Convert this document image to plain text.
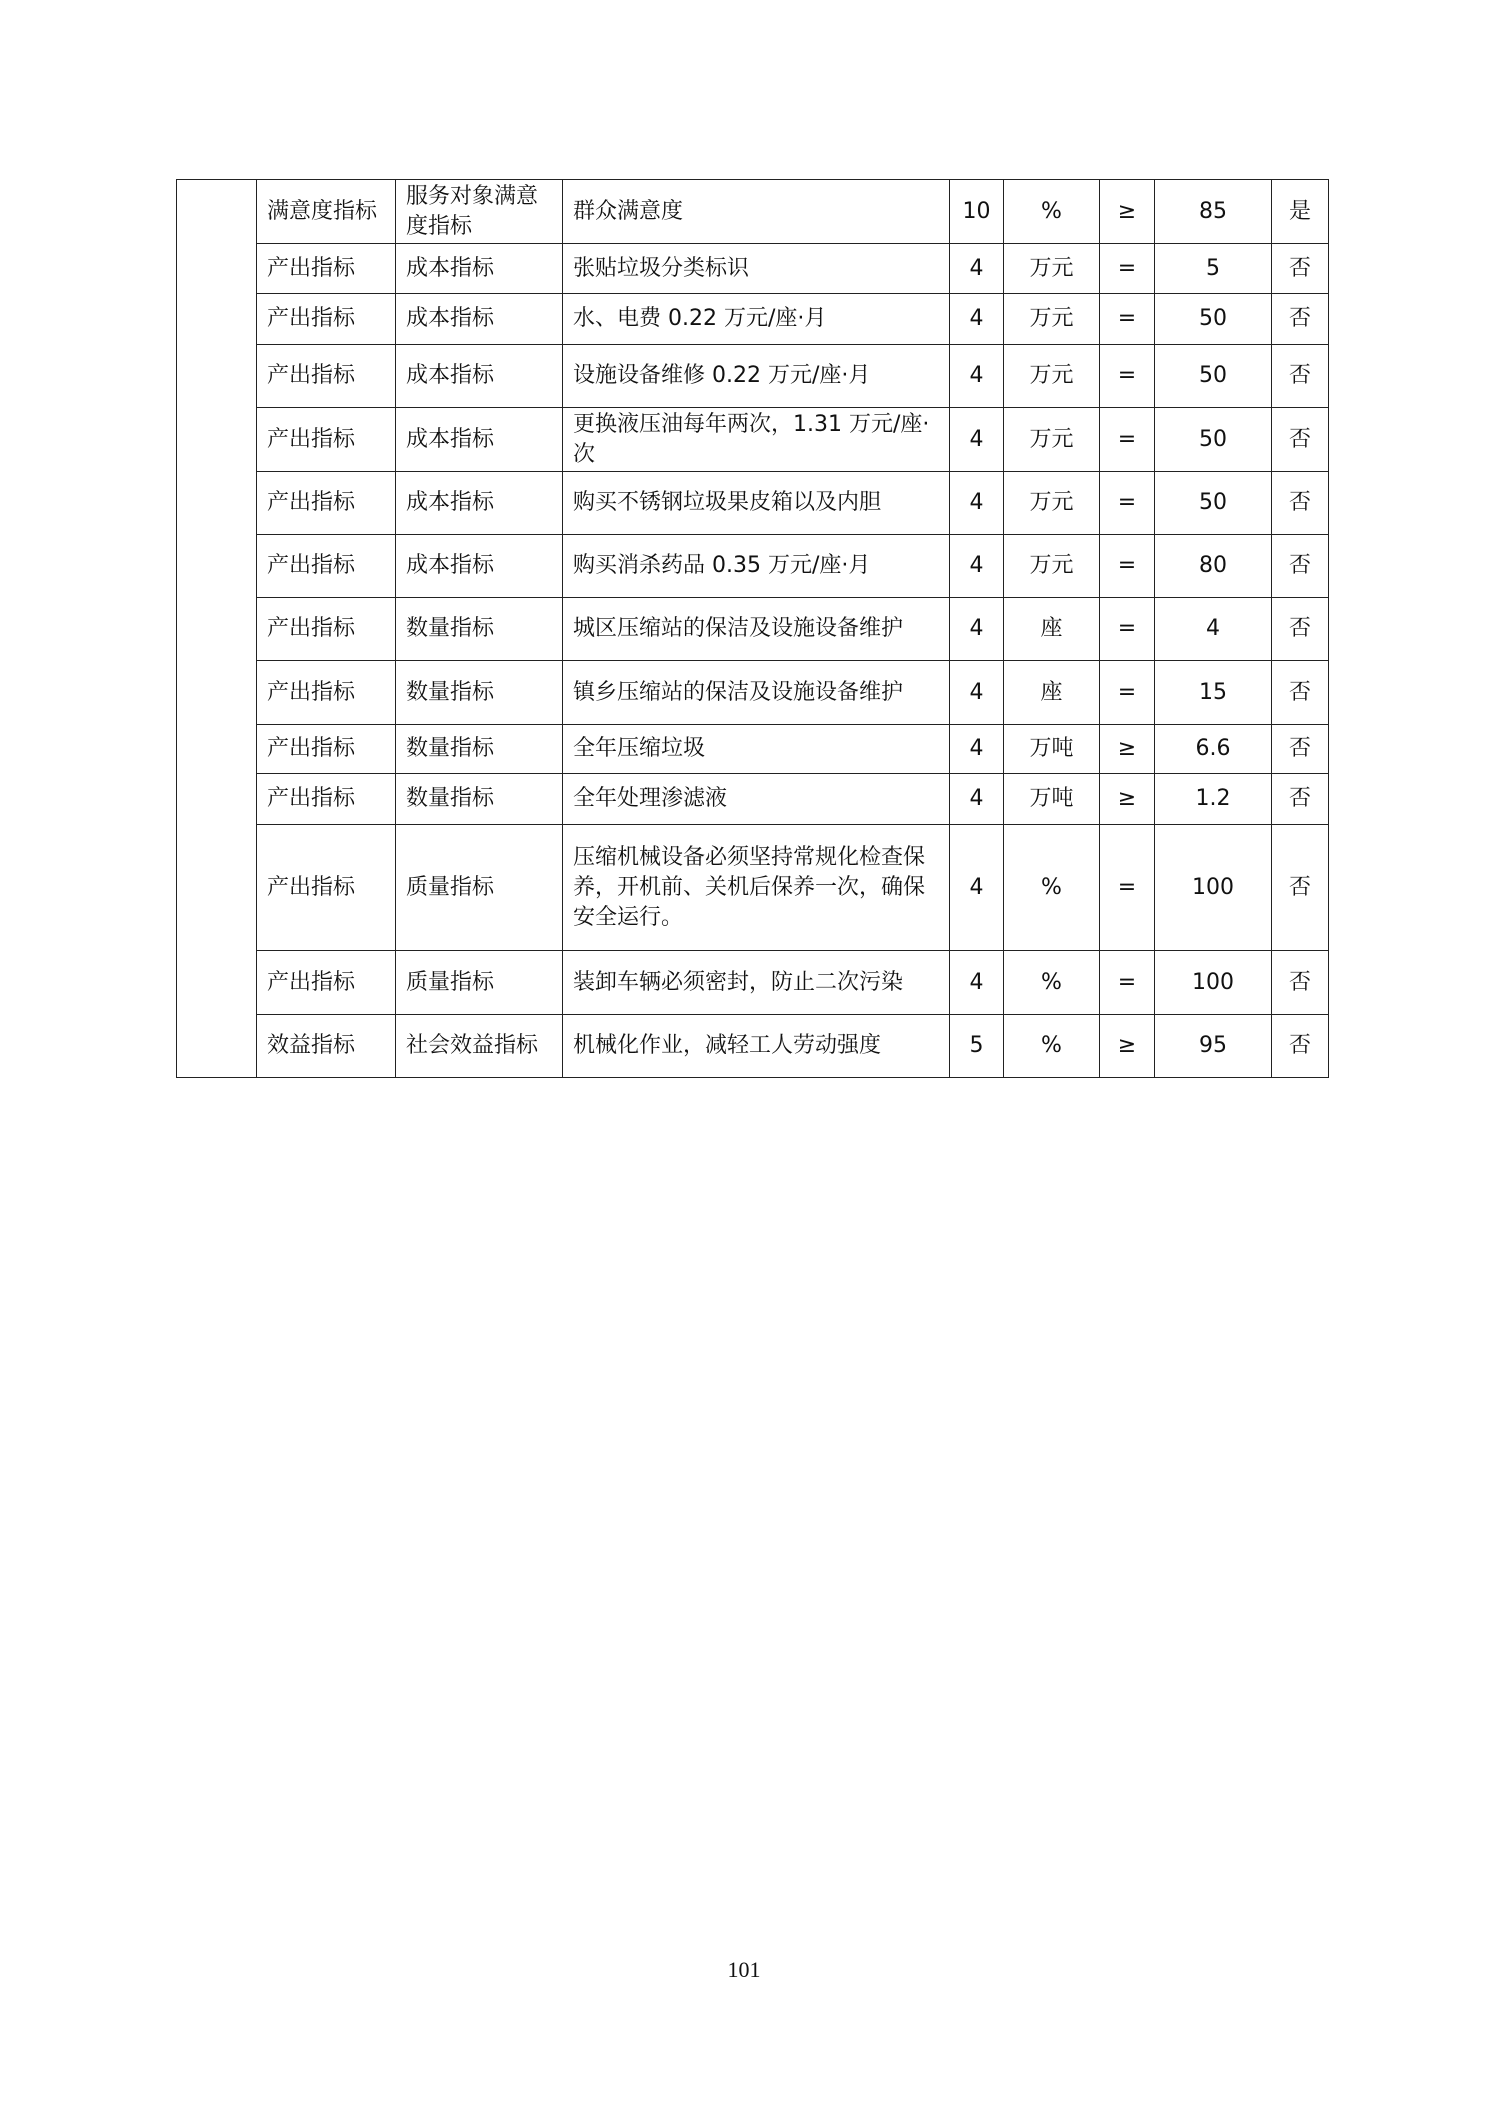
	满意度指标	服务对象满意度指标	群众满意度	10	%	≥	85	是
	产出指标	成本指标	张贴垃圾分类标识	4	万元	=	5	否
	产出指标	成本指标	水、电费 0.22 万元/座·月	4	万元	=	50	否
	产出指标	成本指标	设施设备维修 0.22 万元/座·月	4	万元	=	50	否
	产出指标	成本指标	更换液压油每年两次，1.31 万元/座·次	4	万元	=	50	否
	产出指标	成本指标	购买不锈钢垃圾果皮箱以及内胆	4	万元	=	50	否
	产出指标	成本指标	购买消杀药品 0.35 万元/座·月	4	万元	=	80	否
	产出指标	数量指标	城区压缩站的保洁及设施设备维护	4	座	=	4	否
	产出指标	数量指标	镇乡压缩站的保洁及设施设备维护	4	座	=	15	否
	产出指标	数量指标	全年压缩垃圾	4	万吨	≥	6.6	否
	产出指标	数量指标	全年处理渗滤液	4	万吨	≥	1.2	否
	产出指标	质量指标	压缩机械设备必须坚持常规化检查保养，开机前、关机后保养一次，确保安全运行。	4	%	=	100	否
	产出指标	质量指标	装卸车辆必须密封，防止二次污染	4	%	=	100	否
	效益指标	社会效益指标	机械化作业，减轻工人劳动强度	5	%	≥	95	否
101
